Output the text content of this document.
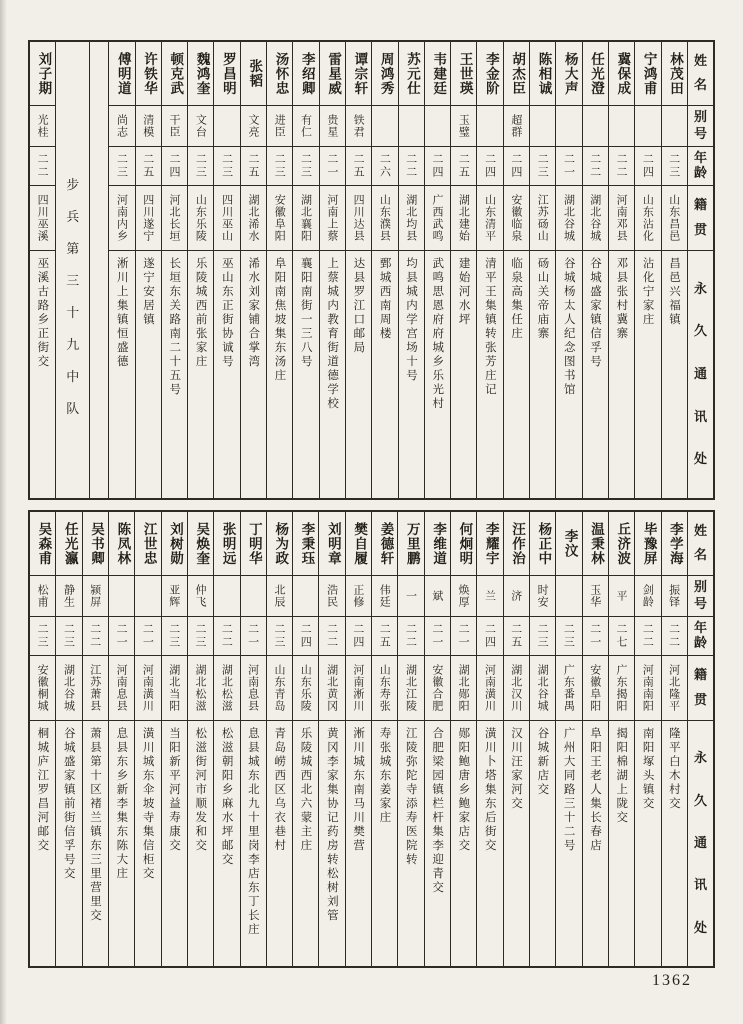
刘子期
光桂
二二
四川巫溪
巫溪古路乡正街交
步
兵
第
三
十
九
中
队
傅明道
尚志
二三
河南内乡
淅川上集镇恒盛德
许铁华
清模
二五
四川遂宁
遂宁安居镇
顿克武
干臣
二四
河北长垣
长垣东关路南二十五号
魏鸿奎
文台
二三
山东乐陵
乐陵城西前张家庄
罗昌明
二三
四川巫山
巫山东正街协诚号
张韬
文亮
二五
湖北浠水
浠水刘家铺合掌湾
汤怀忠
进臣
二三
安徽阜阳
阜阳南焦坡集东汤庄
李绍卿
有仁
二三
湖北襄阳
襄阳南街一三八号
雷星威
贵星
二一
河南上蔡
上蔡城内教育街道德学校
谭宗轩
铁君
二五
四川达县
达县罗江口邮局
周鸿秀
二六
山东濮县
鄄城西南周楼
苏元仕
二二
湖北均县
均县城内学宫场十号
韦建廷
二四
广西武鸣
武鸣思恩府府城乡乐光村
王世瑛
玉璧
二五
湖北建始
建始河水坪
李金阶
二四
山东清平
清平王集镇转张芳庄记
胡杰臣
超群
二四
安徽临泉
临泉高集任庄
陈相诚
二三
江苏砀山
砀山关帝庙寨
杨大声
二一
湖北谷城
谷城杨太人纪念图书馆
任光澄
二二
湖北谷城
谷城盛家镇信孚号
冀保成
二二
河南邓县
邓县张村冀寨
宁鸿甫
二四
山东沾化
沾化宁家庄
林茂田
二三
山东昌邑
昌邑兴福镇
姓
名
别
号
年
龄
籍
贯
永
久
通
讯
处
吴森甫
松甫
二三
安徽桐城
桐城庐江罗昌河邮交
任光瀛
静生
二三
湖北谷城
谷城盛家镇前街信孚号交
吴书卿
颍屏
二二
江苏萧县
萧县第十区褚兰镇东三里营里交
陈凤林
二一
河南息县
息县东乡新李集东陈大庄
江世忠
二一
河南潢川
潢川城东伞坡寺集信柜交
刘树勋
亚辉
二三
湖北当阳
当阳新平河益寿康交
吴焕奎
仲飞
二三
湖北松滋
松滋街河市顺发和交
张明远
二二
湖北松滋
松滋朝阳乡麻水坪邮交
丁明华
二一
河南息县
息县城东北九十里岗李店东丁长庄
杨为政
北辰
二三
山东青岛
青岛崂西区乌衣巷村
李秉珏
二四
山东乐陵
乐陵城西北六蒙主庄
刘明章
浩民
二二
湖北黄冈
黄冈李家集协记药房转松树刘管
樊自履
正修
二四
河南淅川
淅川城东南马川樊营
姜德轩
伟廷
二五
山东寿张
寿张城东姜家庄
万里鹏
一
二二
湖北江陵
江陵弥陀寺添寿医院转
李维道
斌
二一
安徽合肥
合肥梁园镇栏杆集李迎青交
何炯明
焕厚
二一
湖北郧阳
郧阳鲍唐乡鲍家店交
李耀宇
兰
二四
河南潢川
潢川卜塔集东后街交
汪作治
济
二五
湖北汉川
汉川汪家河交
杨正中
时安
二三
湖北谷城
谷城新店交
李汶
二三
广东番禺
广州大同路三十二号
温秉林
玉华
二一
安徽阜阳
阜阳王老人集长春店
丘济波
平
二七
广东揭阳
揭阳棉湖上陇交
毕豫屏
剑龄
二二
河南南阳
南阳塚头镇交
李学海
振铎
二二
河北隆平
隆平白木村交
姓
名
别
号
年
龄
籍
贯
永
久
通
讯
处
1362
